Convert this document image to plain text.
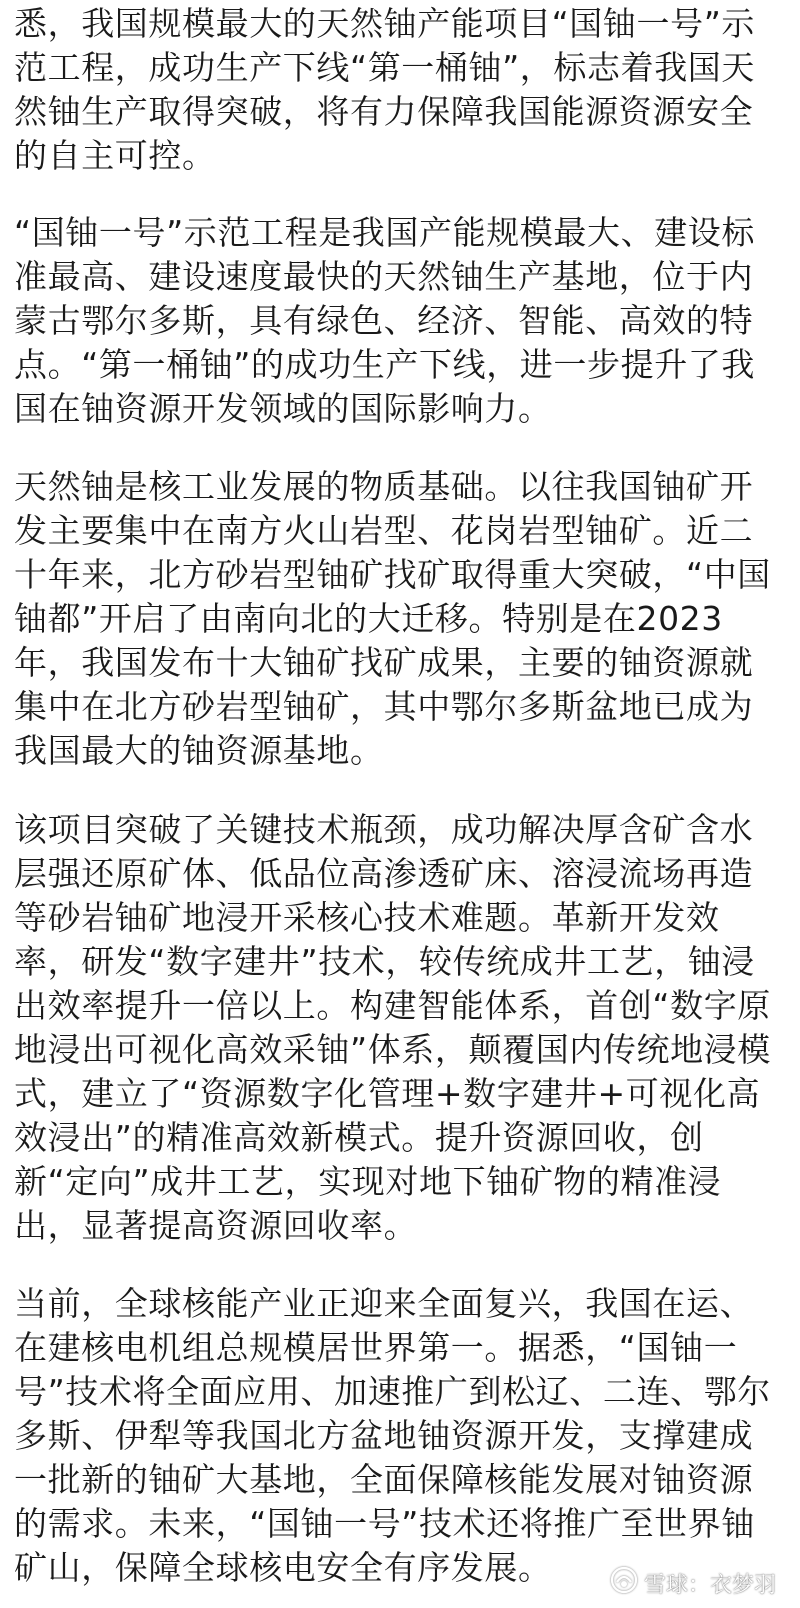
悉，我国规模最大的天然铀产能项目“国铀一号”示范工程，成功生产下线“第一桶铀”，标志着我国天然铀生产取得突破，将有力保障我国能源资源安全的自主可控。

“国铀一号”示范工程是我国产能规模最大、建设标准最高、建设速度最快的天然铀生产基地，位于内蒙古鄂尔多斯，具有绿色、经济、智能、高效的特点。“第一桶铀”的成功生产下线，进一步提升了我国在铀资源开发领域的国际影响力。

天然铀是核工业发展的物质基础。以往我国铀矿开发主要集中在南方火山岩型、花岗岩型铀矿。近二十年来，北方砂岩型铀矿找矿取得重大突破，“中国铀都”开启了由南向北的大迁移。特别是在2023年，我国发布十大铀矿找矿成果，主要的铀资源就集中在北方砂岩型铀矿，其中鄂尔多斯盆地已成为我国最大的铀资源基地。

该项目突破了关键技术瓶颈，成功解决厚含矿含水层强还原矿体、低品位高渗透矿床、溶浸流场再造等砂岩铀矿地浸开采核心技术难题。革新开发效率，研发“数字建井”技术，较传统成井工艺，铀浸出效率提升一倍以上。构建智能体系，首创“数字原地浸出可视化高效采铀”体系，颠覆国内传统地浸模式，建立了“资源数字化管理+数字建井+可视化高效浸出”的精准高效新模式。提升资源回收，创新“定向”成井工艺，实现对地下铀矿物的精准浸出，显著提高资源回收率。

当前，全球核能产业正迎来全面复兴，我国在运、在建核电机组总规模居世界第一。据悉，“国铀一号”技术将全面应用、加速推广到松辽、二连、鄂尔多斯、伊犁等我国北方盆地铀资源开发，支撑建成一批新的铀矿大基地，全面保障核能发展对铀资源的需求。未来，“国铀一号”技术还将推广至世界铀矿山，保障全球核电安全有序发展。	雪球：衣梦羽
